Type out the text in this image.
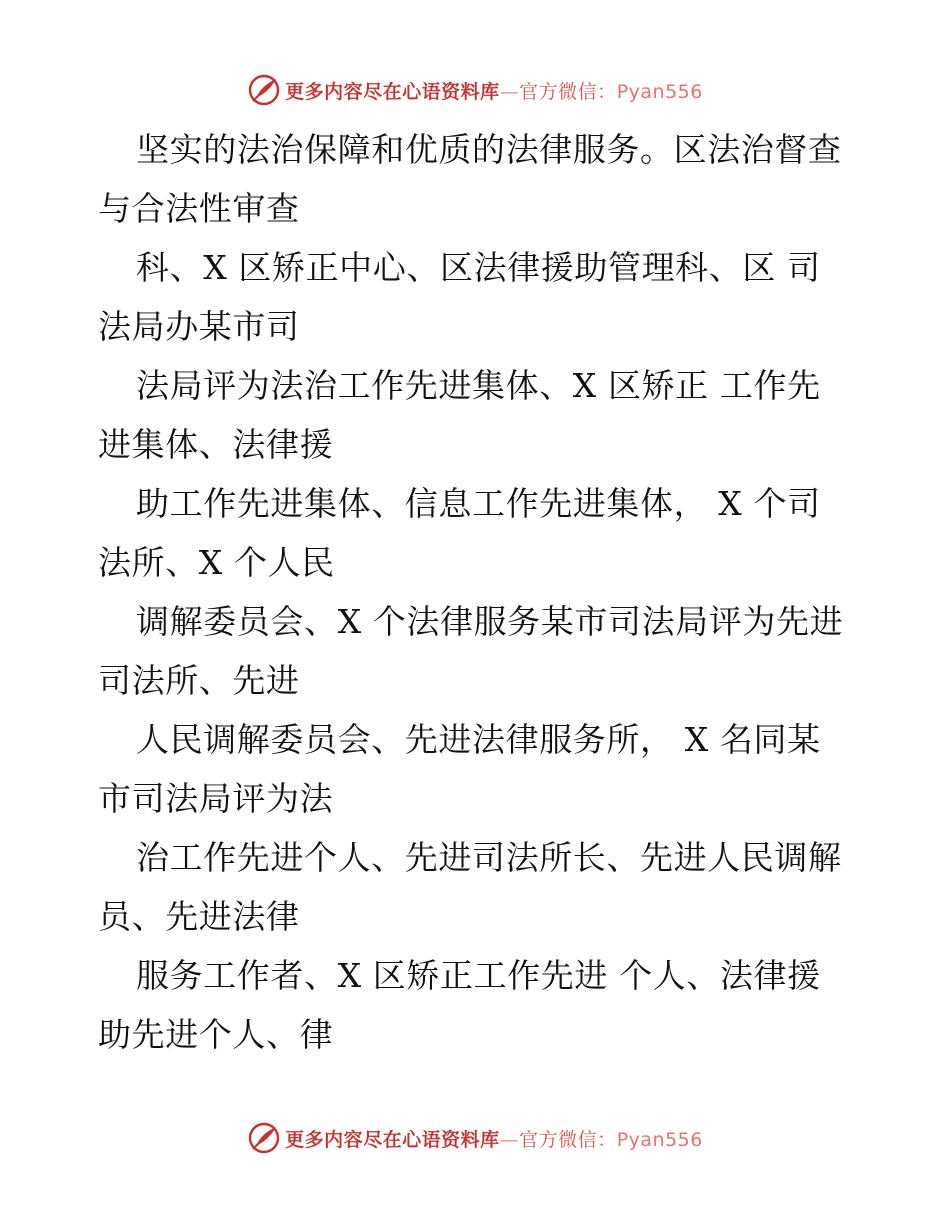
更多内容尽在心语资料库—官方微信：Pyan556

坚实的法治保障和优质的法律服务。区法治督查
与合法性审查

科、X 区矫正中心、区法律援助管理科、区 司
法局办某市司

法局评为法治工作先进集体、X 区矫正 工作先
进集体、法律援

助工作先进集体、信息工作先进集体， X 个司
法所、X 个人民

调解委员会、X 个法律服务某市司法局评为先进
司法所、先进

人民调解委员会、先进法律服务所， X 名同某
市司法局评为法

治工作先进个人、先进司法所长、先进人民调解
员、先进法律

服务工作者、X 区矫正工作先进 个人、法律援
助先进个人、律

更多内容尽在心语资料库—官方微信：Pyan556
